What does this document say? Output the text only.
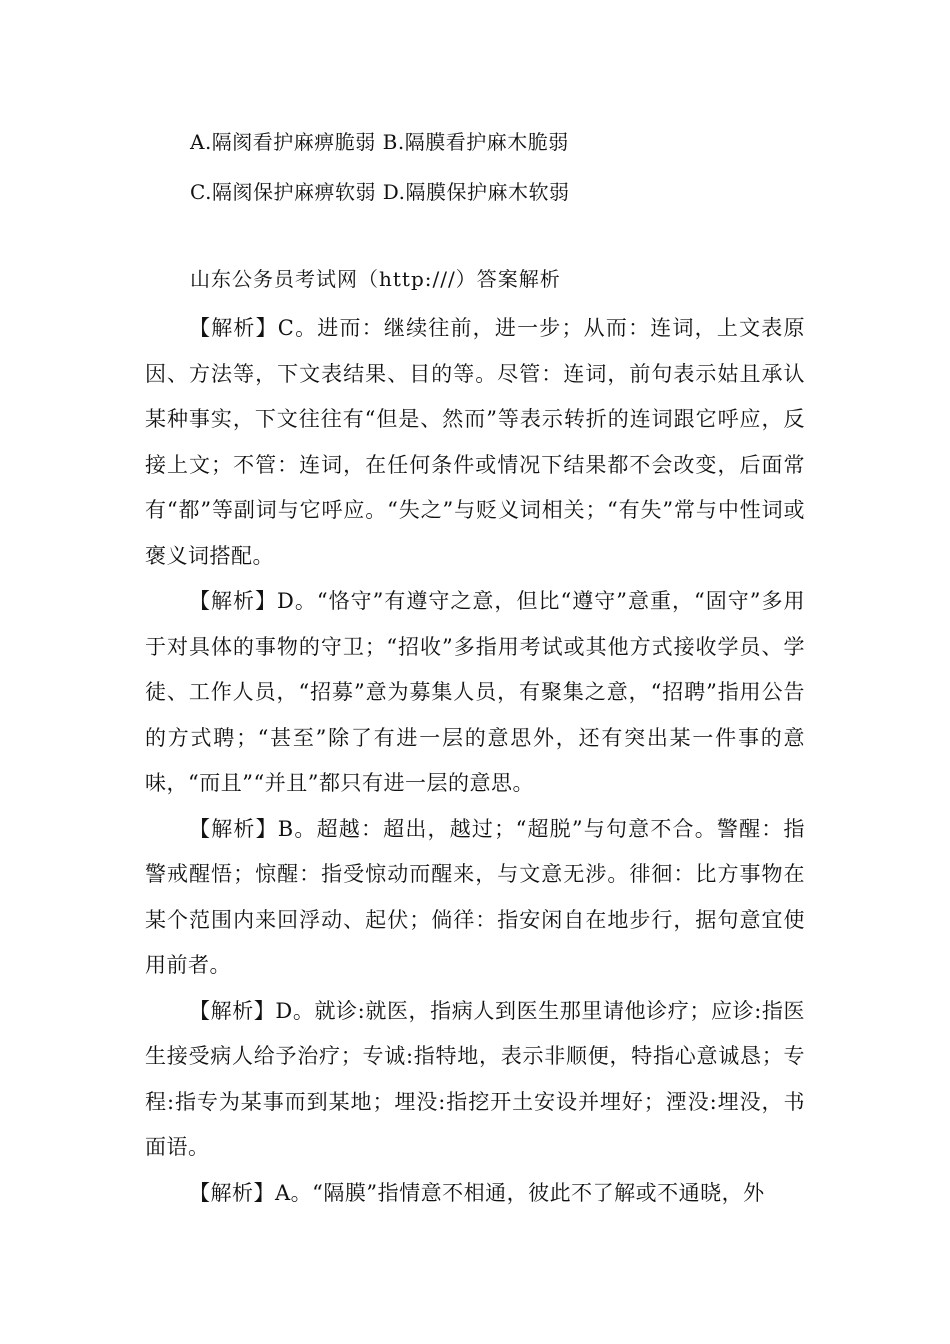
A.隔阂看护麻痹脆弱 B.隔膜看护麻木脆弱
C.隔阂保护麻痹软弱 D.隔膜保护麻木软弱
山东公务员考试网（http:///）答案解析

【解析】C。进而：继续往前，进一步；从而：连词，上文表原因、方法等，下文表结果、目的等。尽管：连词，前句表示姑且承认某种事实，下文往往有“但是、然而”等表示转折的连词跟它呼应，反接上文；不管：连词，在任何条件或情况下结果都不会改变，后面常有“都”等副词与它呼应。“失之”与贬义词相关；“有失”常与中性词或褒义词搭配。

【解析】D。“恪守”有遵守之意，但比“遵守”意重，“固守”多用于对具体的事物的守卫；“招收”多指用考试或其他方式接收学员、学徒、工作人员，“招募”意为募集人员，有聚集之意，“招聘”指用公告的方式聘；“甚至”除了有进一层的意思外，还有突出某一件事的意味，“而且”“并且”都只有进一层的意思。

【解析】B。超越：超出，越过；“超脱”与句意不合。警醒：指警戒醒悟；惊醒：指受惊动而醒来，与文意无涉。徘徊：比方事物在某个范围内来回浮动、起伏；倘徉：指安闲自在地步行，据句意宜使用前者。

【解析】D。就诊:就医，指病人到医生那里请他诊疗；应诊:指医生接受病人给予治疗；专诚:指特地，表示非顺便，特指心意诚恳；专程:指专为某事而到某地；埋没:指挖开土安设并埋好；湮没:埋没，书面语。

【解析】A。“隔膜”指情意不相通，彼此不了解或不通晓，外
